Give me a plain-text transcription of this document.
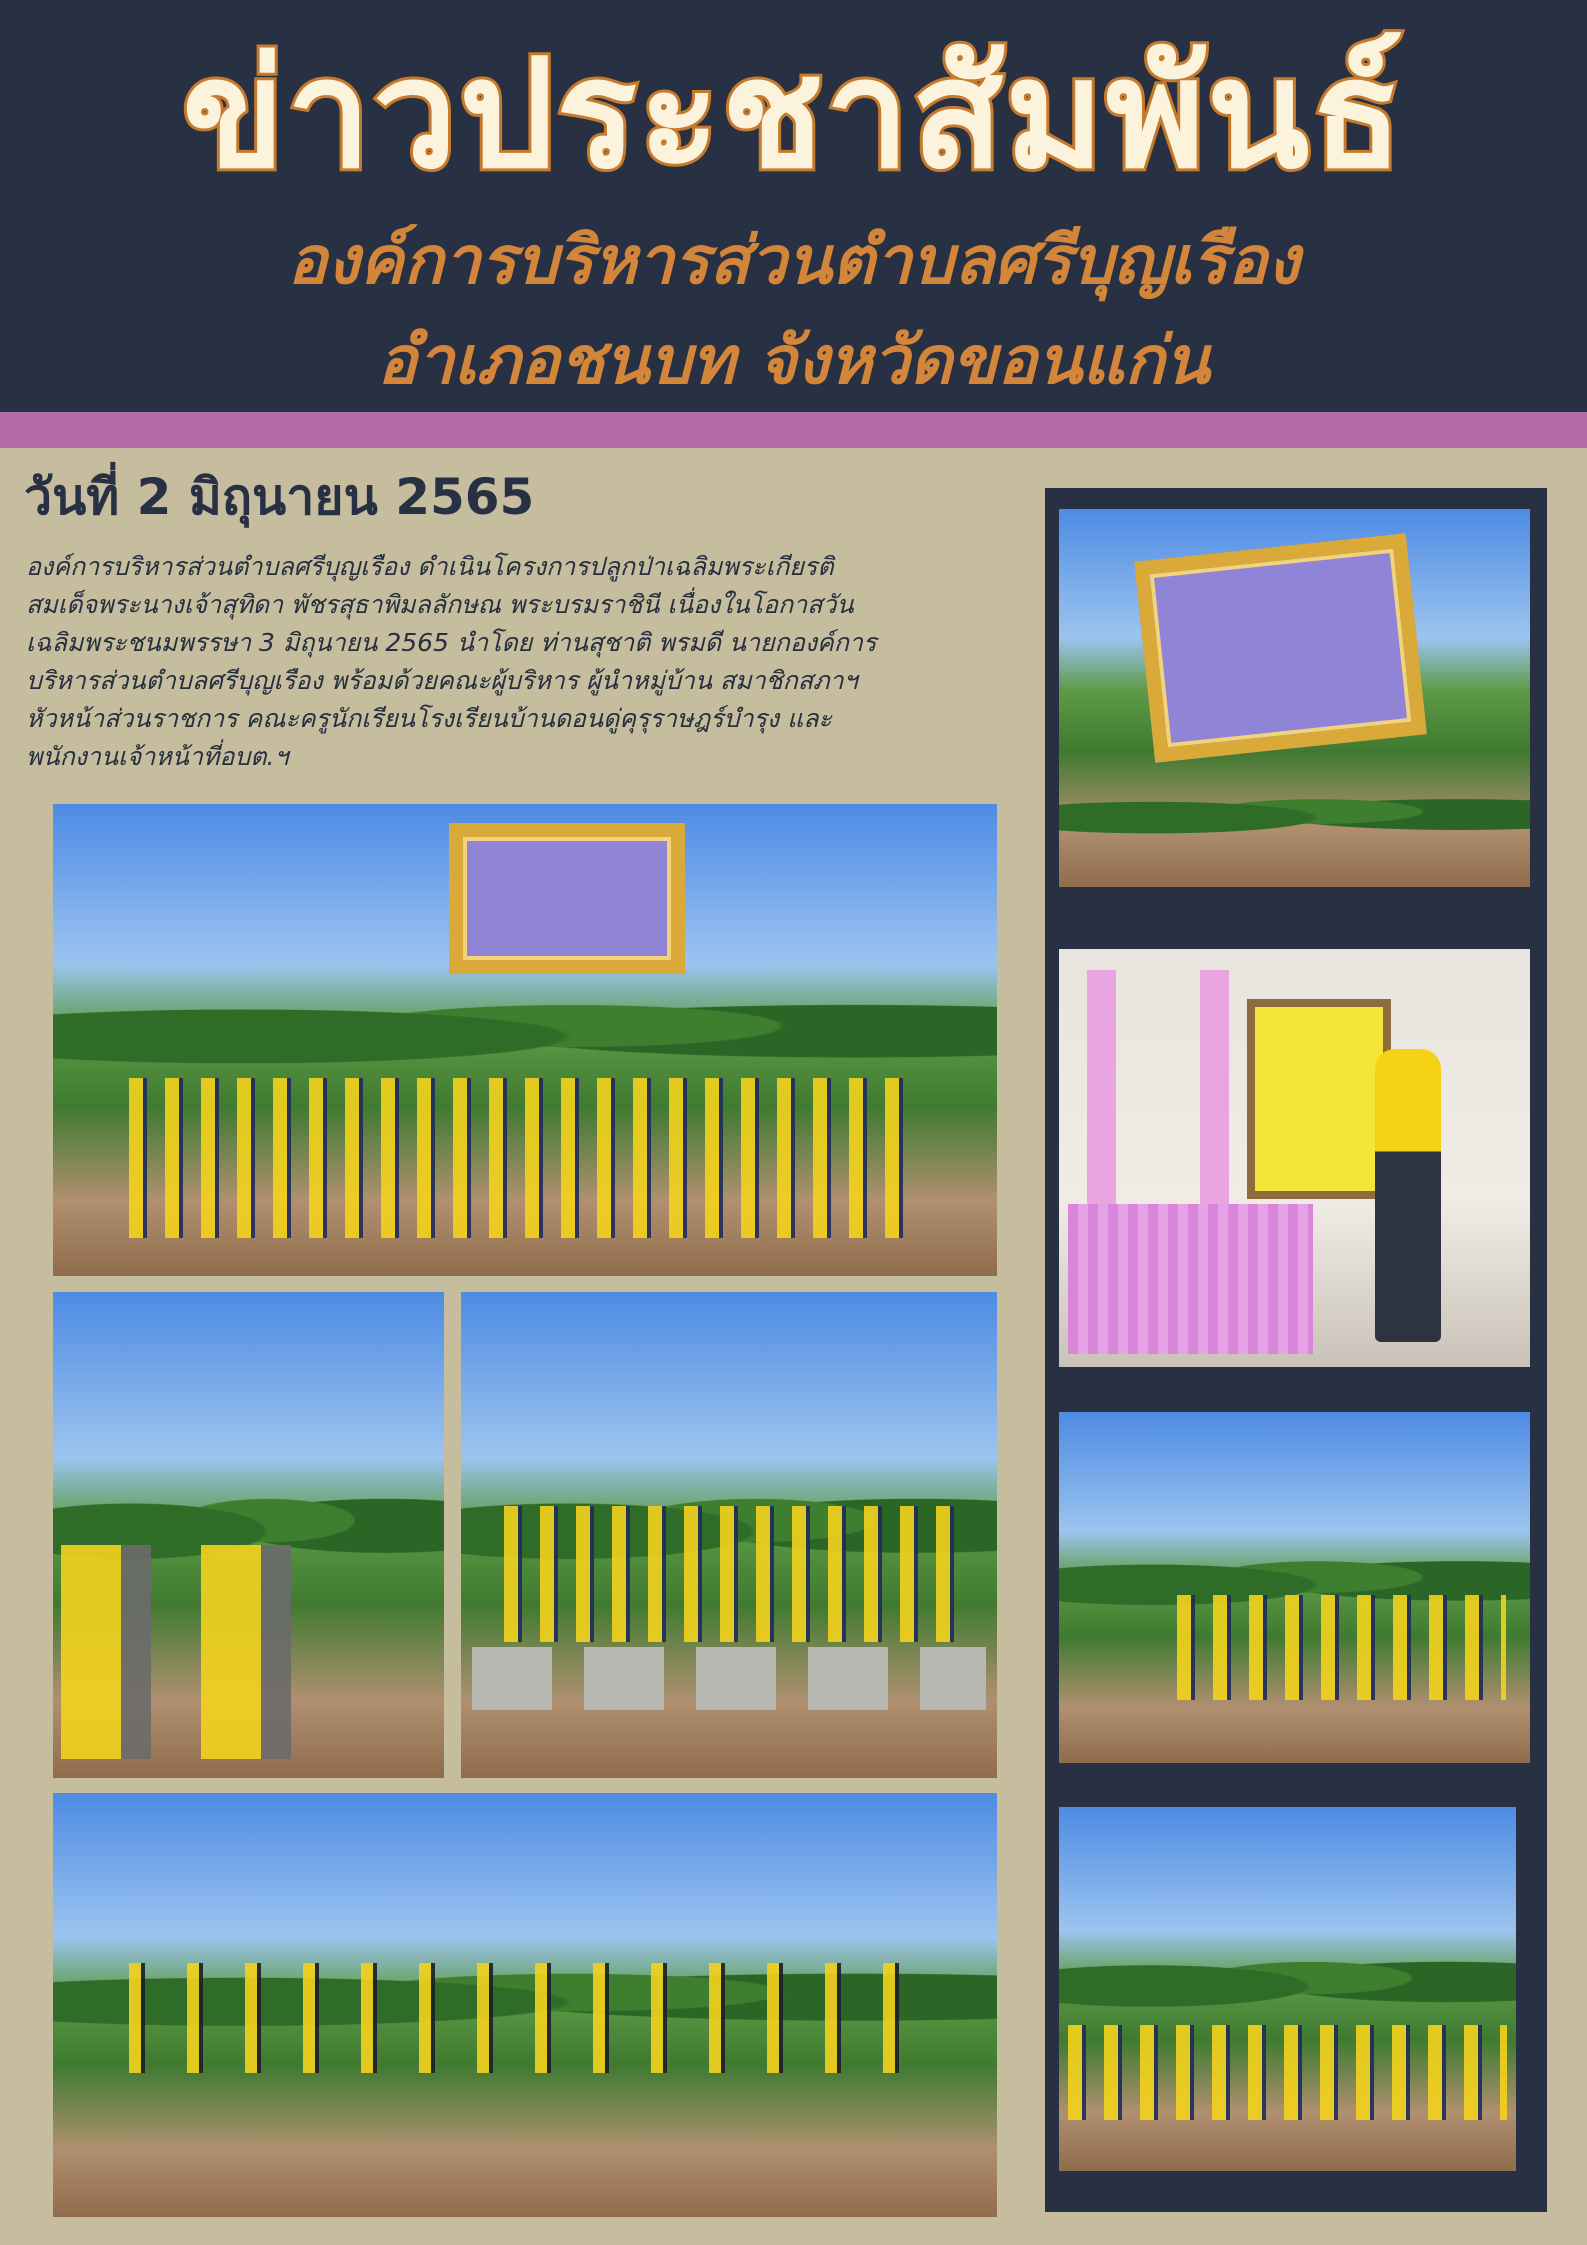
ข่าวประชาสัมพันธ์
องค์การบริหารส่วนตำบลศรีบุญเรือง
อำเภอชนบท จังหวัดขอนแก่น
วันที่ 2 มิถุนายน 2565
องค์การบริหารส่วนตำบลศรีบุญเรือง ดำเนินโครงการปลูกป่าเฉลิมพระเกียรติ
สมเด็จพระนางเจ้าสุทิดา พัชรสุธาพิมลลักษณ พระบรมราชินี เนื่องในโอกาสวัน
เฉลิมพระชนมพรรษา 3 มิถุนายน 2565 นำโดย ท่านสุชาติ พรมดี นายกองค์การ
บริหารส่วนตำบลศรีบุญเรือง พร้อมด้วยคณะผู้บริหาร ผู้นำหมู่บ้าน สมาชิกสภาฯ
หัวหน้าส่วนราชการ คณะครูนักเรียนโรงเรียนบ้านดอนดู่คุรุราษฎร์บำรุง และ
พนักงานเจ้าหน้าที่อบต.ฯ
